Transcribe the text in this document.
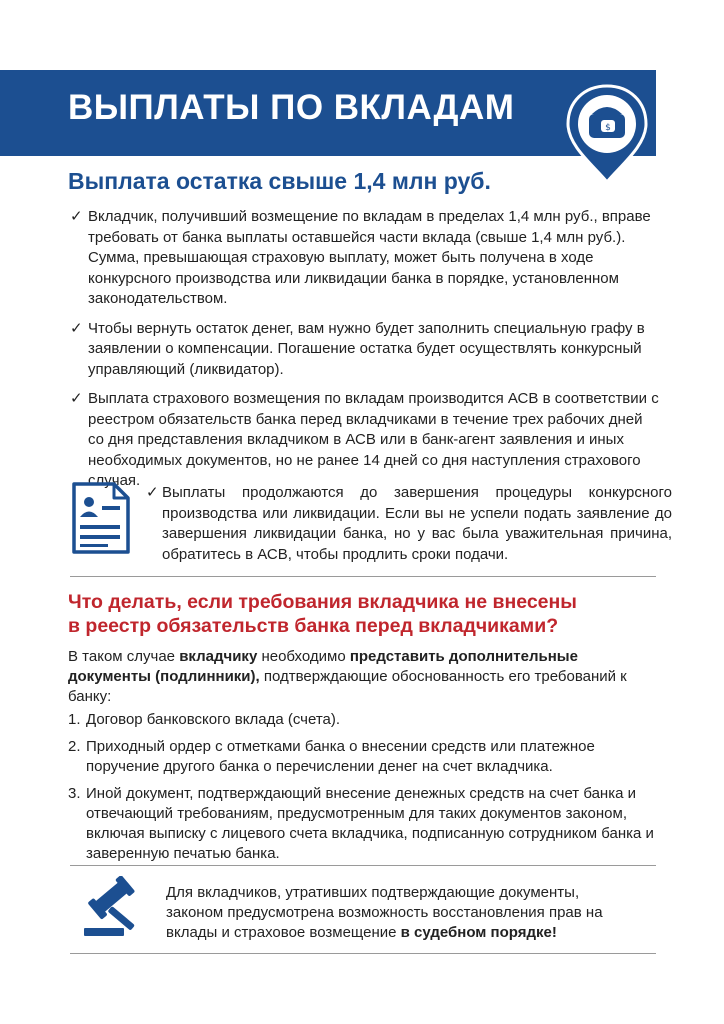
ВЫПЛАТЫ ПО ВКЛАДАМ
$
Выплата остатка свыше 1,4 млн руб.
✓ Вкладчик, получивший возмещение по вкладам в пределах 1,4 млн руб., вправе требовать от банка выплаты оставшейся части вклада (свыше 1,4 млн руб.). Сумма, превышающая страховую выплату, может быть получена в ходе конкурсного производства или ликвидации банка в порядке, установленном законодательством.
✓ Чтобы вернуть остаток денег, вам нужно будет заполнить специальную графу в заявлении о компенсации. Погашение остатка будет осуществлять конкурсный управляющий (ликвидатор).
✓ Выплата страхового возмещения по вкладам производится АСВ в соответствии с реестром обязательств банка перед вкладчиками в течение трех рабочих дней со дня представления вкладчиком в АСВ или в банк-агент заявления и иных необходимых документов, но не ранее 14 дней со дня наступления страхового случая.
✓ Выплаты продолжаются до завершения процедуры конкурсного производства или ликвидации. Если вы не успели подать заявление до завершения ликвидации банка, но у вас была уважительная причина, обратитесь в АСВ, чтобы продлить сроки подачи.
Что делать, если требования вкладчика не внесены
в реестр обязательств банка перед вкладчиками?
В таком случае вкладчику необходимо представить дополнительные документы (подлинники), подтверждающие обоснованность его требований к банку:
1. Договор банковского вклада (счета).
2. Приходный ордер с отметками банка о внесении средств или платежное поручение другого банка о перечислении денег на счет вкладчика.
3. Иной документ, подтверждающий внесение денежных средств на счет банка и отвечающий требованиям, предусмотренным для таких документов законом, включая выписку с лицевого счета вкладчика, подписанную сотрудником банка и заверенную печатью банка.
Для вкладчиков, утративших подтверждающие документы, законом предусмотрена возможность восстановления прав на вклады и страховое возмещение в судебном порядке!
